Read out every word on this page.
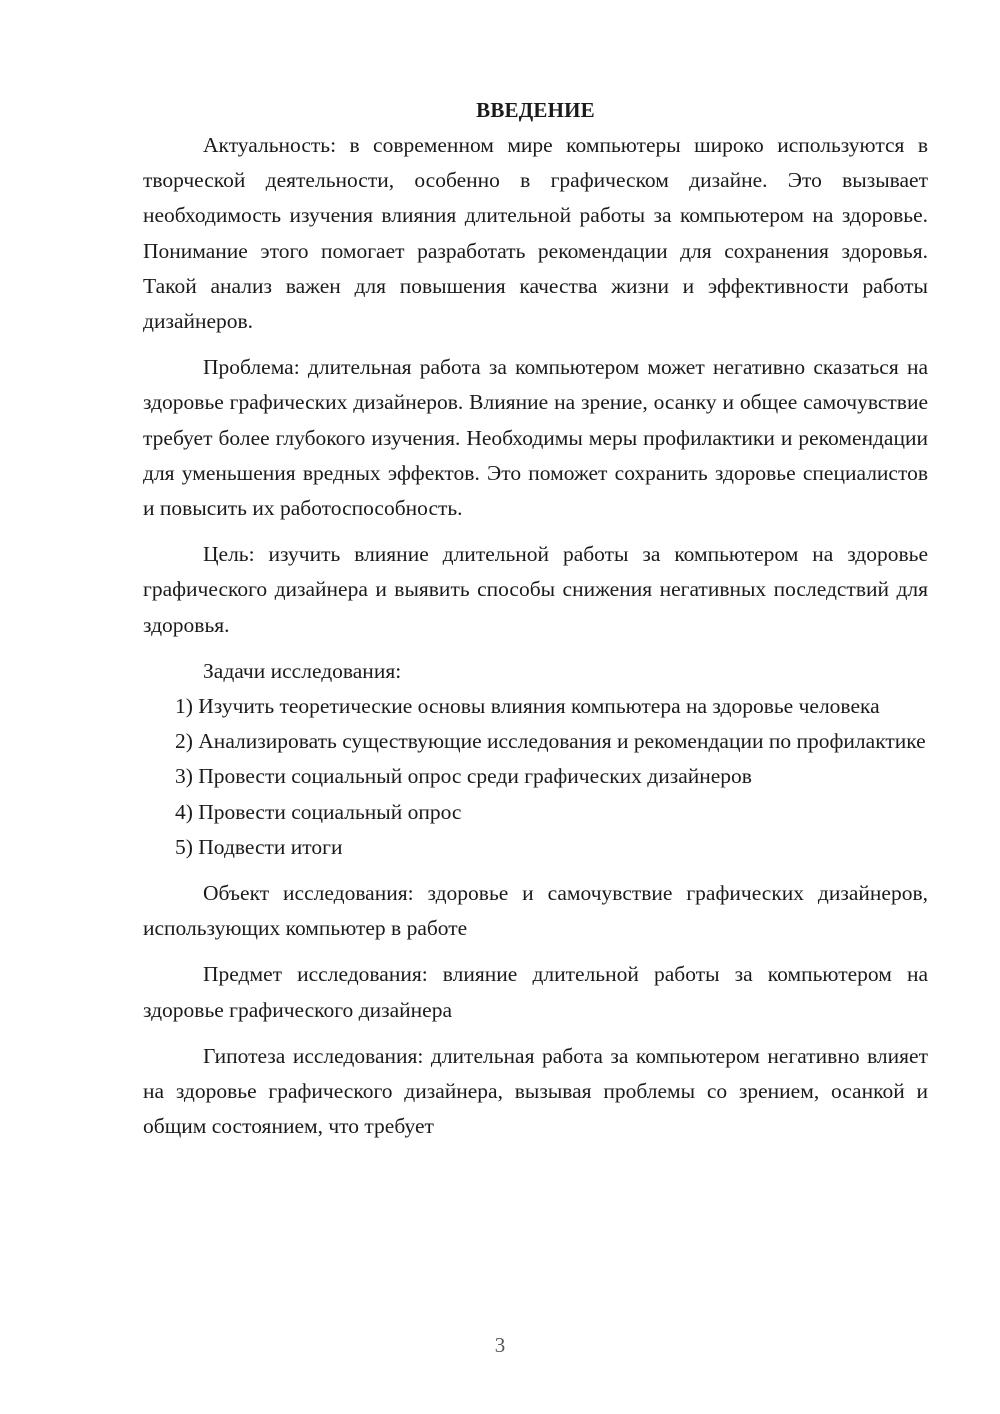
ВВЕДЕНИЕ

Актуальность: в современном мире компьютеры широко используются в творческой деятельности, особенно в графическом дизайне. Это вызывает необходимость изучения влияния длительной работы за компьютером на здоровье. Понимание этого помогает разработать рекомендации для сохранения здоровья. Такой анализ важен для повышения качества жизни и эффективности работы дизайнеров.

Проблема: длительная работа за компьютером может негативно сказаться на здоровье графических дизайнеров. Влияние на зрение, осанку и общее самочувствие требует более глубокого изучения. Необходимы меры профилактики и рекомендации для уменьшения вредных эффектов. Это поможет сохранить здоровье специалистов и повысить их работоспособность.

Цель: изучить влияние длительной работы за компьютером на здоровье графического дизайнера и выявить способы снижения негативных последствий для здоровья.

Задачи исследования:

1) Изучить теоретические основы влияния компьютера на здоровье человека

2) Анализировать существующие исследования и рекомендации по профилактике

3) Провести социальный опрос среди графических дизайнеров

4) Провести социальный опрос

5) Подвести итоги

Объект исследования: здоровье и самочувствие графических дизайнеров, использующих компьютер в работе

Предмет исследования: влияние длительной работы за компьютером на здоровье графического дизайнера

Гипотеза исследования: длительная работа за компьютером негативно влияет на здоровье графического дизайнера, вызывая проблемы со зрением, осанкой и общим состоянием, что требует

3
